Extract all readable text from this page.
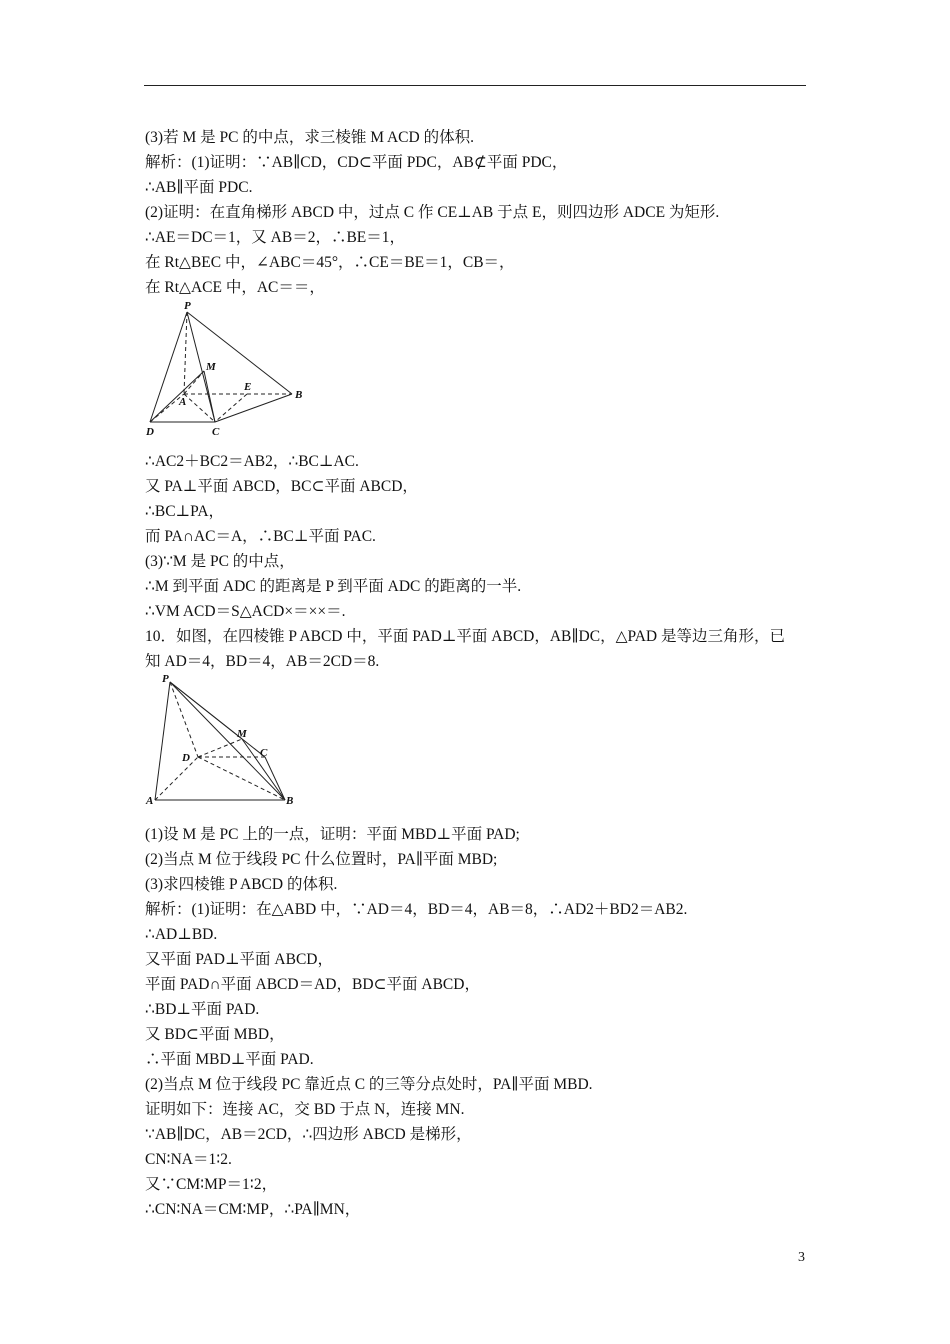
(3)若 M 是 PC 的中点，求三棱锥 M ACD 的体积.
解析：(1)证明：∵AB∥CD，CD⊂平面 PDC，AB⊄平面 PDC，
∴AB∥平面 PDC.
(2)证明：在直角梯形 ABCD 中，过点 C 作 CE⊥AB 于点 E，则四边形 ADCE 为矩形.
∴AE＝DC＝1，又 AB＝2，∴BE＝1，
在 Rt△BEC 中，∠ABC＝45°，∴CE＝BE＝1，CB＝，
在 Rt△ACE 中，AC＝＝，
P
M
E
A
B
D	C
∴AC2＋BC2＝AB2，∴BC⊥AC.
又 PA⊥平面 ABCD，BC⊂平面 ABCD，
∴BC⊥PA，
而 PA∩AC＝A，∴BC⊥平面 PAC.
(3)∵M 是 PC 的中点，
∴M 到平面 ADC 的距离是 P 到平面 ADC 的距离的一半.
∴VM ACD＝S△ACD×＝××＝.
10．如图，在四棱锥 P ABCD 中，平面 PAD⊥平面 ABCD，AB∥DC，△PAD 是等边三角形，已
知 AD＝4，BD＝4，AB＝2CD＝8.
P
M
C
D
A	B
(1)设 M 是 PC 上的一点，证明：平面 MBD⊥平面 PAD;
(2)当点 M 位于线段 PC 什么位置时，PA∥平面 MBD;
(3)求四棱锥 P ABCD 的体积.
解析：(1)证明：在△ABD 中，∵AD＝4，BD＝4，AB＝8，∴AD2＋BD2＝AB2.
∴AD⊥BD.
又平面 PAD⊥平面 ABCD，
平面 PAD∩平面 ABCD＝AD，BD⊂平面 ABCD，
∴BD⊥平面 PAD.
又 BD⊂平面 MBD，
∴平面 MBD⊥平面 PAD.
(2)当点 M 位于线段 PC 靠近点 C 的三等分点处时，PA∥平面 MBD.
证明如下：连接 AC，交 BD 于点 N，连接 MN.
∵AB∥DC，AB＝2CD，∴四边形 ABCD 是梯形，
CN∶NA＝1∶2.
又∵CM∶MP＝1∶2，
∴CN∶NA＝CM∶MP，∴PA∥MN，
3
